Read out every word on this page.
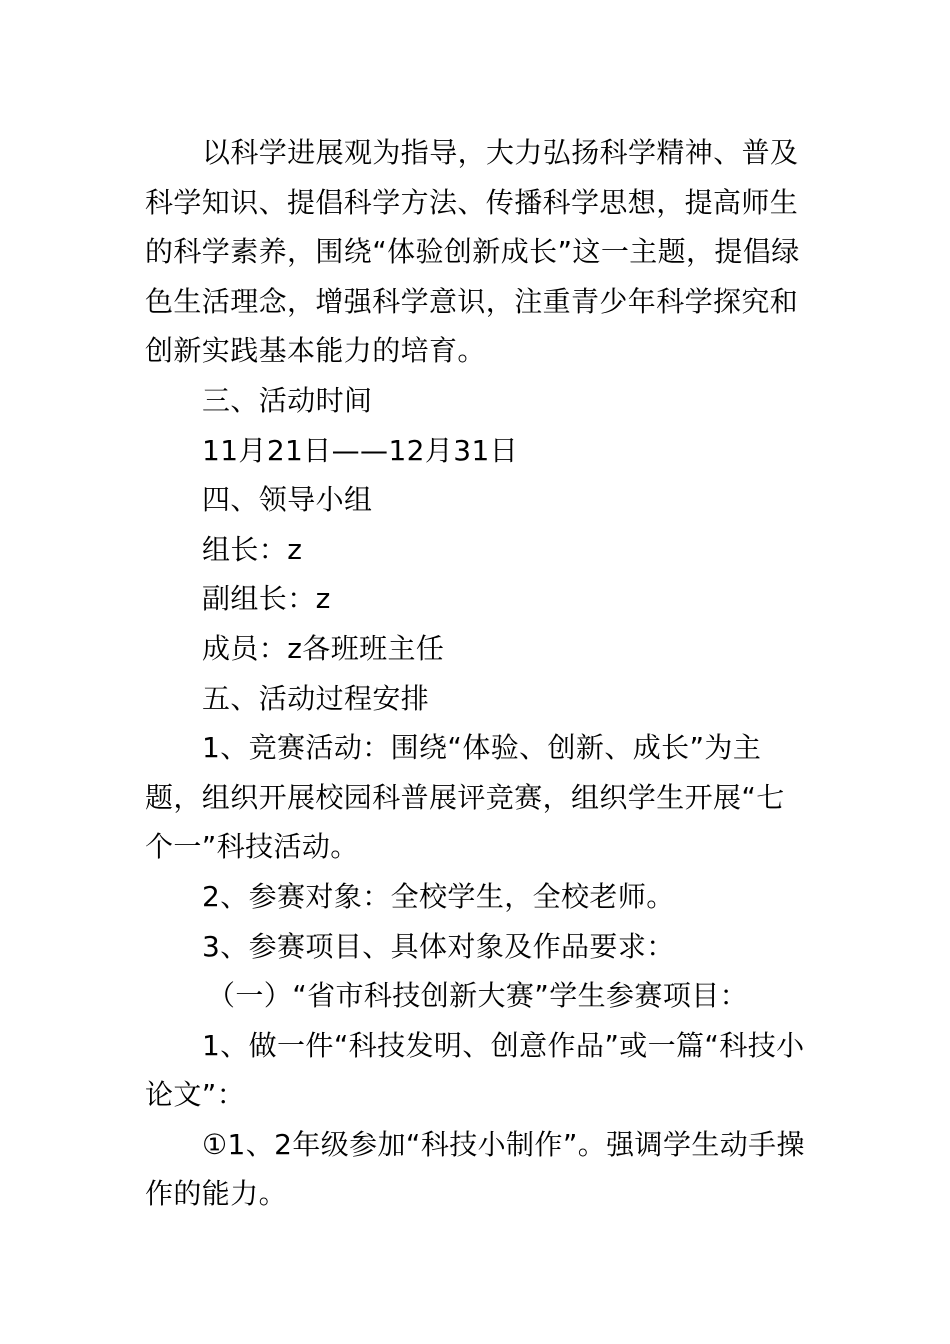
以科学进展观为指导，大力弘扬科学精神、普及科学知识、提倡科学方法、传播科学思想，提高师生的科学素养，围绕“体验创新成长”这一主题，提倡绿色生活理念，增强科学意识，注重青少年科学探究和创新实践基本能力的培育。

三、活动时间

11月21日——12月31日

四、领导小组

组长：z

副组长：z

成员：z各班班主任

五、活动过程安排

1、竞赛活动：围绕“体验、创新、成长”为主题，组织开展校园科普展评竞赛，组织学生开展“七个一”科技活动。

2、参赛对象：全校学生，全校老师。

3、参赛项目、具体对象及作品要求：

（一）“省市科技创新大赛”学生参赛项目：

1、做一件“科技发明、创意作品”或一篇“科技小论文”：

①1、2年级参加“科技小制作”。强调学生动手操作的能力。
